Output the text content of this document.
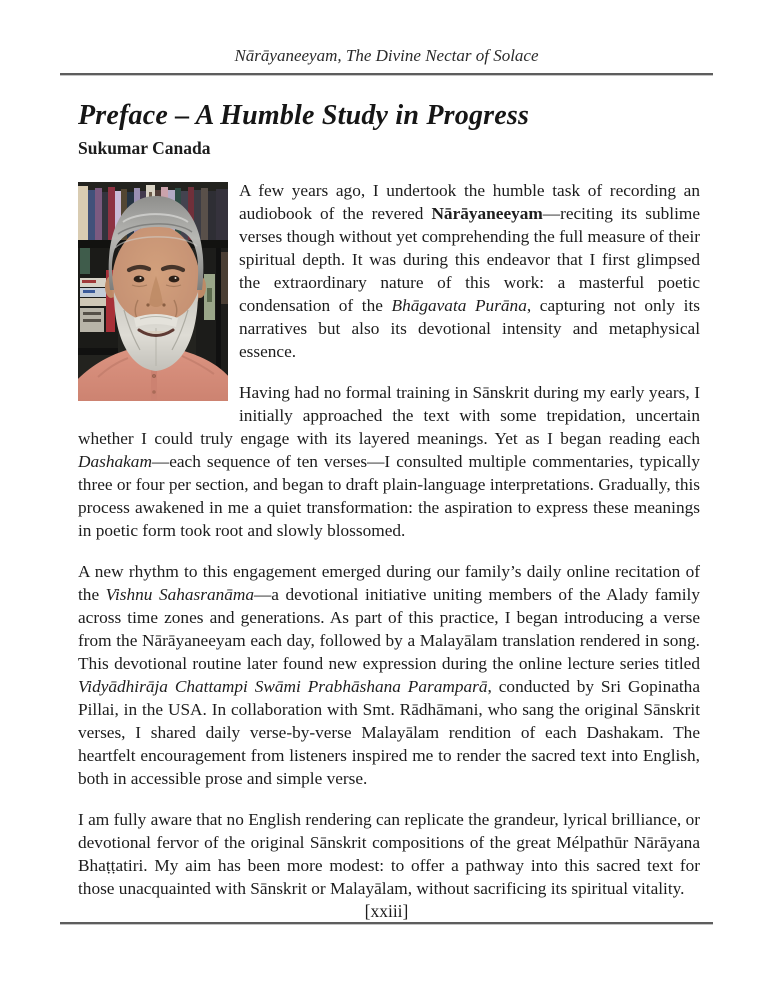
Nārāyaneeyam, The Divine Nectar of Solace
Preface – A Humble Study in Progress
Sukumar Canada

A few years ago, I undertook the humble task of recording an audiobook of the revered Nārāyaneeyam—reciting its sublime verses though without yet comprehending the full measure of their spiritual depth. It was during this endeavor that I first glimpsed the extraordinary nature of this work: a masterful poetic condensation of the Bhāgavata Purāna, capturing not only its narratives but also its devotional intensity and metaphysical essence.

Having had no formal training in Sānskrit during my early years, I initially approached the text with some trepidation, uncertain whether I could truly engage with its layered meanings. Yet as I began reading each Dashakam—each sequence of ten verses—I consulted multiple commentaries, typically three or four per section, and began to draft plain-language interpretations. Gradually, this process awakened in me a quiet transformation: the aspiration to express these meanings in poetic form took root and slowly blossomed.

A new rhythm to this engagement emerged during our family’s daily online recitation of the Vishnu Sahasranāma—a devotional initiative uniting members of the Alady family across time zones and generations. As part of this practice, I began introducing a verse from the Nārāyaneeyam each day, followed by a Malayālam translation rendered in song. This devotional routine later found new expression during the online lecture series titled Vidyādhirāja Chattampi Swāmi Prabhāshana Paramparā, conducted by Sri Gopinatha Pillai, in the USA. In collaboration with Smt. Rādhāmani, who sang the original Sānskrit verses, I shared daily verse-by-verse Malayālam rendition of each Dashakam. The heartfelt encouragement from listeners inspired me to render the sacred text into English, both in accessible prose and simple verse.

I am fully aware that no English rendering can replicate the grandeur, lyrical brilliance, or devotional fervor of the original Sānskrit compositions of the great Mélpathūr Nārāyana Bhaṭṭatiri. My aim has been more modest: to offer a pathway into this sacred text for those unacquainted with Sānskrit or Malayālam, without sacrificing its spiritual vitality.

[xxiii]
